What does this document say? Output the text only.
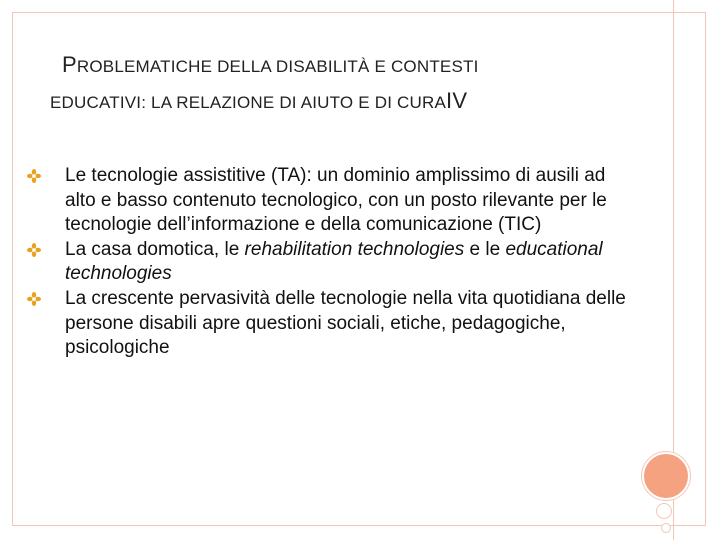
PROBLEMATICHE DELLA DISABILITÀ E CONTESTI
EDUCATIVI: LA RELAZIONE DI AIUTO E DI CURAIV
Le tecnologie assistitive (TA): un dominio amplissimo di ausili ad alto e basso contenuto tecnologico, con un posto rilevante per le tecnologie dell’informazione e della comunicazione (TIC)
La casa domotica, le rehabilitation technologies e le educational technologies
La crescente pervasività delle tecnologie nella vita quotidiana delle persone disabili apre questioni sociali, etiche, pedagogiche, psicologiche
